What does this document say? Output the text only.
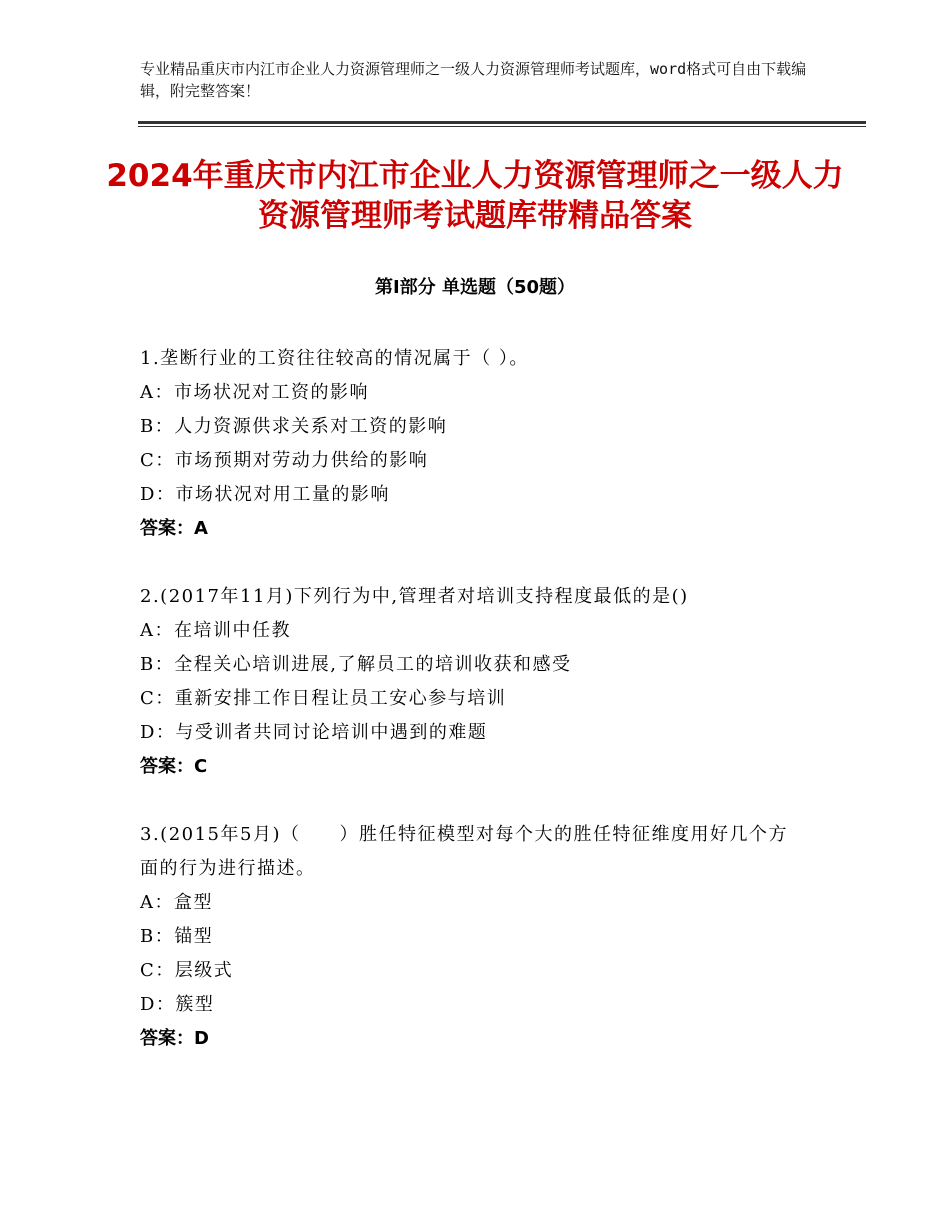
专业精品重庆市内江市企业人力资源管理师之一级人力资源管理师考试题库，word格式可自由下载编辑，附完整答案！
2024年重庆市内江市企业人力资源管理师之一级人力资源管理师考试题库带精品答案
第Ⅰ部分 单选题（50题）
1.垄断行业的工资往往较高的情况属于（ ）。
A：市场状况对工资的影响
B：人力资源供求关系对工资的影响
C：市场预期对劳动力供给的影响
D：市场状况对用工量的影响
答案：A
2.(2017年11月)下列行为中,管理者对培训支持程度最低的是()
A：在培训中任教
B：全程关心培训进展,了解员工的培训收获和感受
C：重新安排工作日程让员工安心参与培训
D：与受训者共同讨论培训中遇到的难题
答案：C
3.(2015年5月)（　　）胜任特征模型对每个大的胜任特征维度用好几个方面的行为进行描述。
A：盒型
B：锚型
C：层级式
D：簇型
答案：D
